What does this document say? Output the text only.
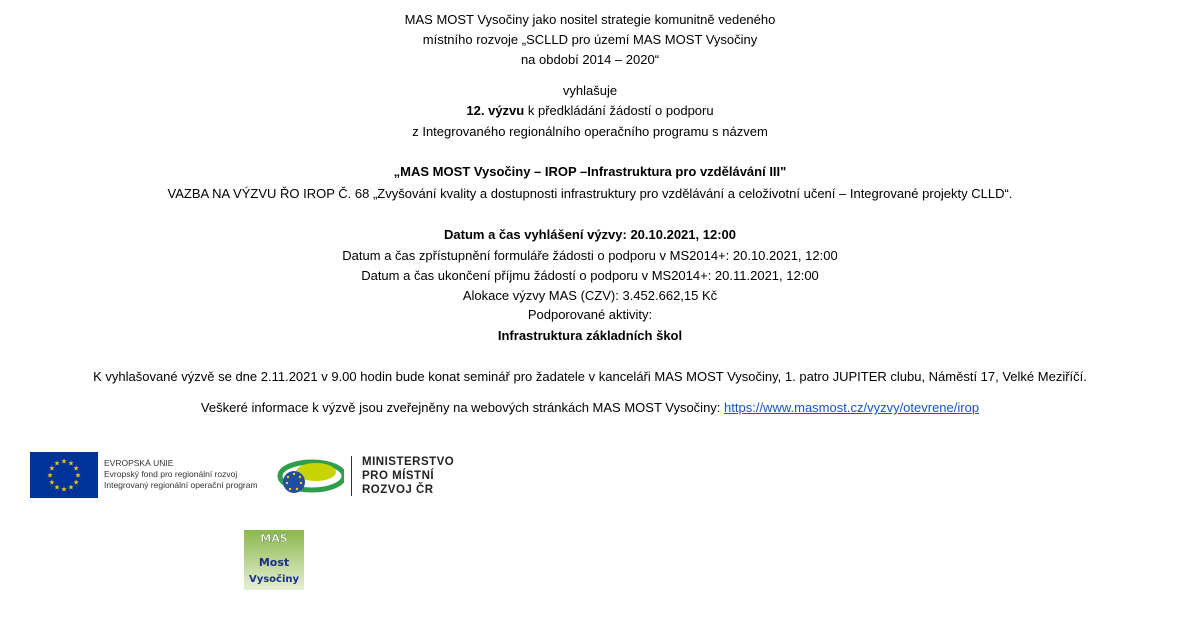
MAS MOST Vysočiny jako nositel strategie komunitně vedeného
místního rozvoje „SCLLD pro území MAS MOST Vysočiny
na období 2014 – 2020“
vyhlašuje
12. výzvu k předkládání žádostí o podporu
z Integrovaného regionálního operačního programu s názvem
„MAS MOST Vysočiny – IROP –Infrastruktura pro vzdělávání III"
VAZBA NA VÝZVU ŘO IROP Č. 68 „Zvyšování kvality a dostupnosti infrastruktury pro vzdělávání a celoživotní učení – Integrované projekty CLLD“.
Datum a čas vyhlášení výzvy: 20.10.2021, 12:00
Datum a čas zpřístupnění formuláře žádosti o podporu v MS2014+: 20.10.2021, 12:00
Datum a čas ukončení příjmu žádostí o podporu v MS2014+: 20.11.2021, 12:00
Alokace výzvy MAS (CZV): 3.452.662,15 Kč
Podporované aktivity:
Infrastruktura základních škol
K vyhlašované výzvě se dne 2.11.2021 v 9.00 hodin bude konat seminář pro žadatele v kanceláři MAS MOST Vysočiny, 1. patro JUPITER clubu, Náměstí 17, Velké Meziříčí.
Veškeré informace k výzvě jsou zveřejněny na webových stránkách MAS MOST Vysočiny: https://www.masmost.cz/vyzvy/otevrene/irop
★ ★
★
★
★
★
★
★
★
★
★
★	EVROPSKÁ UNIE
Evropský fond pro regionální rozvoj
Integrovaný regionální operační program
MINISTERSTVO
PRO MÍSTNÍ
ROZVOJ ČR
MAS
Most
Vysočiny
